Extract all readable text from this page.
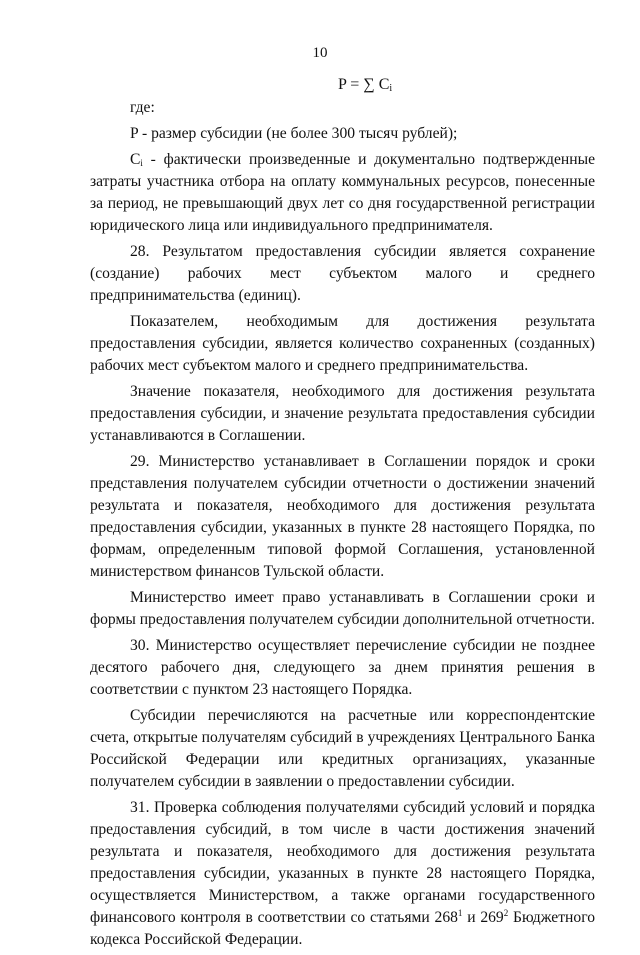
10
P = ∑ $C_i$

где:

P - размер субсидии (не более 300 тысяч рублей);

$C_i$ - фактически произведенные и документально подтвержденные затраты участника отбора на оплату коммунальных ресурсов, понесенные за период, не превышающий двух лет со дня государственной регистрации юридического лица или индивидуального предпринимателя.

28. Результатом предоставления субсидии является сохранение (создание) рабочих мест субъектом малого и среднего предпринимательства (единиц).

Показателем, необходимым для достижения результата предоставления субсидии, является количество сохраненных (созданных) рабочих мест субъектом малого и среднего предпринимательства.

Значение показателя, необходимого для достижения результата предоставления субсидии, и значение результата предоставления субсидии устанавливаются в Соглашении.

29. Министерство устанавливает в Соглашении порядок и сроки представления получателем субсидии отчетности о достижении значений результата и показателя, необходимого для достижения результата предоставления субсидии, указанных в пункте 28 настоящего Порядка, по формам, определенным типовой формой Соглашения, установленной министерством финансов Тульской области.

Министерство имеет право устанавливать в Соглашении сроки и формы предоставления получателем субсидии дополнительной отчетности.

30. Министерство осуществляет перечисление субсидии не позднее десятого рабочего дня, следующего за днем принятия решения в соответствии с пунктом 23 настоящего Порядка.

Субсидии перечисляются на расчетные или корреспондентские счета, открытые получателям субсидий в учреждениях Центрального Банка Российской Федерации или кредитных организациях, указанные получателем субсидии в заявлении о предоставлении субсидии.

31. Проверка соблюдения получателями субсидий условий и порядка предоставления субсидий, в том числе в части достижения значений результата и показателя, необходимого для достижения результата предоставления субсидии, указанных в пункте 28 настоящего Порядка, осуществляется Министерством, а также органами государственного финансового контроля в соответствии со статьями $268^1$ и $269^2$ Бюджетного кодекса Российской Федерации.
